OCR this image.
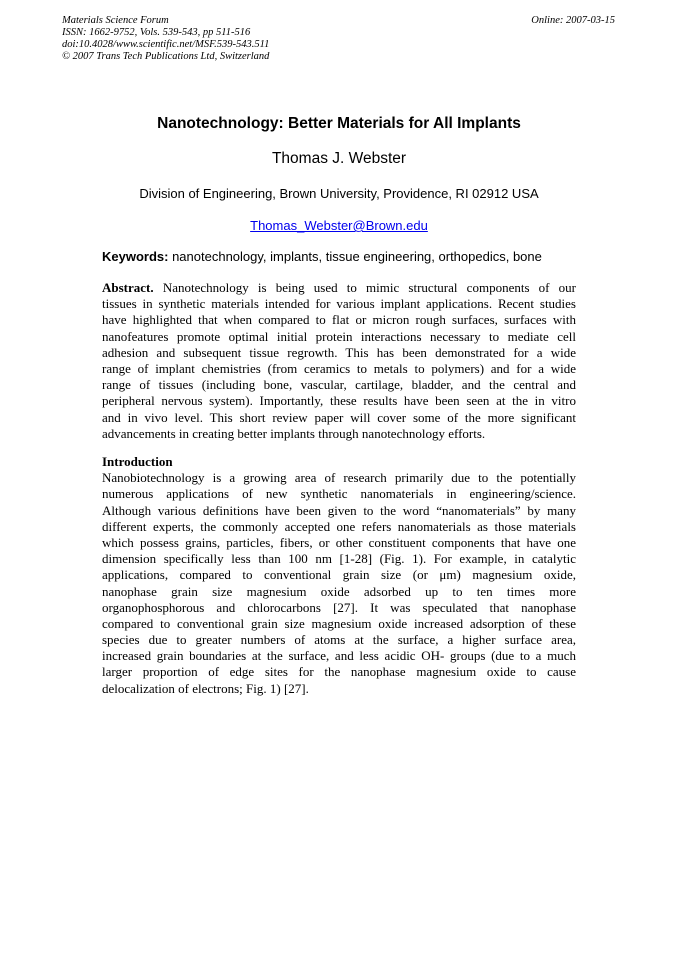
Materials Science Forum
ISSN: 1662-9752, Vols. 539-543, pp 511-516
doi:10.4028/www.scientific.net/MSF.539-543.511
© 2007 Trans Tech Publications Ltd, Switzerland
Online: 2007-03-15
Nanotechnology: Better Materials for All Implants
Thomas J. Webster
Division of Engineering, Brown University, Providence, RI 02912 USA
Thomas_Webster@Brown.edu
Keywords: nanotechnology, implants, tissue engineering, orthopedics, bone
Abstract. Nanotechnology is being used to mimic structural components of our
tissues in synthetic materials intended for various implant applications. Recent studies
have highlighted that when compared to flat or micron rough surfaces, surfaces with
nanofeatures promote optimal initial protein interactions necessary to mediate cell
adhesion and subsequent tissue regrowth. This has been demonstrated for a wide
range of implant chemistries (from ceramics to metals to polymers) and for a wide
range of tissues (including bone, vascular, cartilage, bladder, and the central and
peripheral nervous system). Importantly, these results have been seen at the in vitro
and in vivo level. This short review paper will cover some of the more significant
advancements in creating better implants through nanotechnology efforts.
Introduction
Nanobiotechnology is a growing area of research primarily due to the potentially
numerous applications of new synthetic nanomaterials in engineering/science.
Although various definitions have been given to the word “nanomaterials” by many
different experts, the commonly accepted one refers nanomaterials as those materials
which possess grains, particles, fibers, or other constituent components that have one
dimension specifically less than 100 nm [1-28] (Fig. 1). For example, in catalytic
applications, compared to conventional grain size (or μm) magnesium oxide,
nanophase grain size magnesium oxide adsorbed up to ten times more
organophosphorous and chlorocarbons [27]. It was speculated that nanophase
compared to conventional grain size magnesium oxide increased adsorption of these
species due to greater numbers of atoms at the surface, a higher surface area,
increased grain boundaries at the surface, and less acidic OH- groups (due to a much
larger proportion of edge sites for the nanophase magnesium oxide to cause
delocalization of electrons; Fig. 1) [27].
